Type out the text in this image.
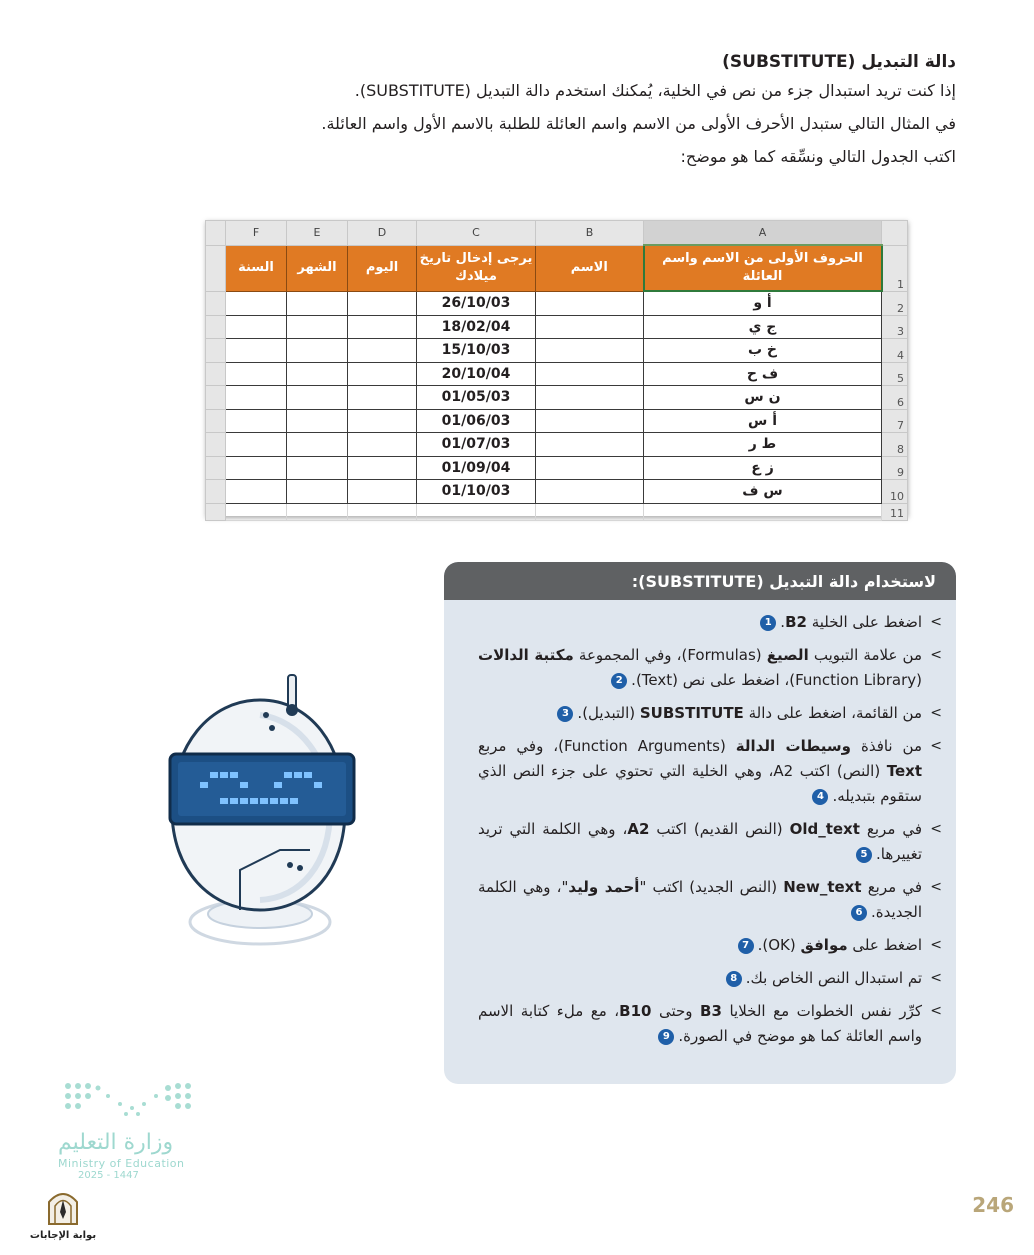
دالة التبديل (SUBSTITUTE)

إذا كنت تريد استبدال جزء من نص في الخلية، يُمكنك استخدم دالة التبديل (SUBSTITUTE).

في المثال التالي ستبدل الأحرف الأولى من الاسم واسم العائلة للطلبة بالاسم الأول واسم العائلة.

اكتب الجدول التالي ونسِّقه كما هو موضح:

	F	E	D	C	B	A	
	السنة	الشهر	اليوم	يرجى إدخال تاريخ ميلادك	الاسم	الحروف الأولى من الاسم واسم العائلة	1
				26/10/03		أ و	2
				18/02/04		ج ي	3
				15/10/03		خ ب	4
				20/10/04		ف ح	5
				01/05/03		ن س	6
				01/06/03		أ س	7
				01/07/03		ط ر	8
				01/09/04		ز ع	9
				01/10/03		س ف	10
							11
لاستخدام دالة التبديل (SUBSTITUTE):
> اضغط على الخلية B2.1
> من علامة التبويب الصيغ (Formulas)، وفي المجموعة مكتبة الدالات (Function Library)، اضغط على نص (Text).2
> من القائمة، اضغط على دالة SUBSTITUTE (التبديل).3
> من نافذة وسيطات الدالة (Function Arguments)، وفي مربع Text (النص) اكتب A2، وهي الخلية التي تحتوي على جزء النص الذي ستقوم بتبديله.4
> في مربع Old_text (النص القديم) اكتب A2، وهي الكلمة التي تريد تغييرها.5
> في مربع New_text (النص الجديد) اكتب "أحمد وليد"، وهي الكلمة الجديدة.6
> اضغط على موافق (OK).7
> تم استبدال النص الخاص بك.8
> كرِّر نفس الخطوات مع الخلايا B3 وحتى B10، مع ملء كتابة الاسم واسم العائلة كما هو موضح في الصورة.9
وزارة التعليم
Ministry of Education
2025 - 1447
بوابة الإجابات
246
